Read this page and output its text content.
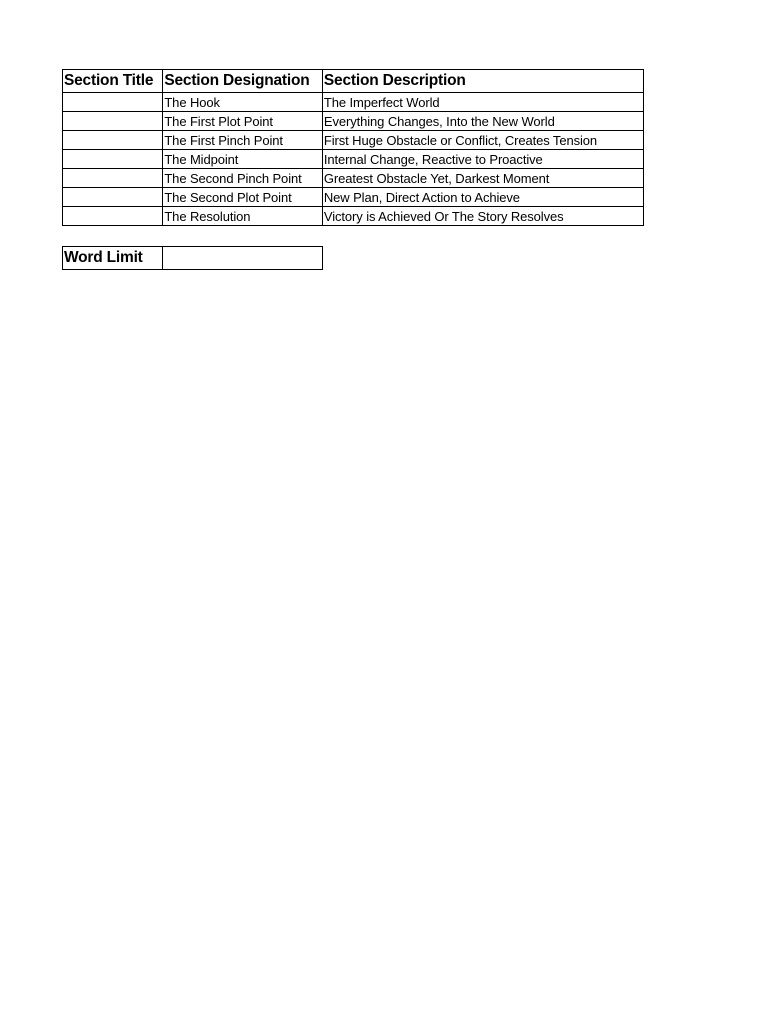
Section Title	Section Designation	Section Description
	The Hook	The Imperfect World
	The First Plot Point	Everything Changes, Into the New World
	The First Pinch Point	First Huge Obstacle or Conflict, Creates Tension
	The Midpoint	Internal Change, Reactive to Proactive
	The Second Pinch Point	Greatest Obstacle Yet, Darkest Moment
	The Second Plot Point	New Plan, Direct Action to Achieve
	The Resolution	Victory is Achieved Or The Story Resolves
Word Limit	
